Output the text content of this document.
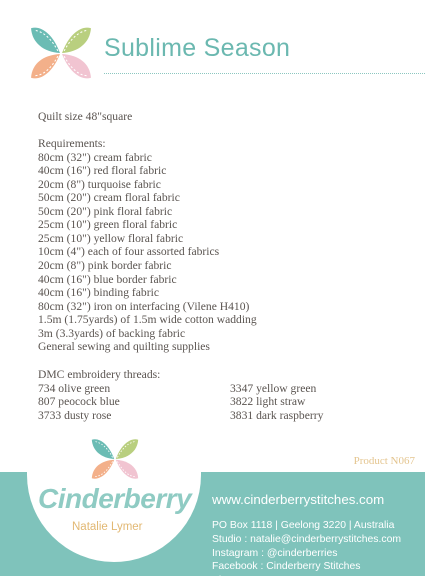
Sublime Season
Quilt size 48"square
Requirements:
80cm (32") cream fabric
40cm (16") red floral fabric
20cm (8") turquoise fabric
50cm (20") cream floral fabric
50cm (20") pink floral fabric
25cm (10") green floral fabric
25cm (10") yellow floral fabric
10cm (4") each of four assorted fabrics
20cm (8") pink border fabric
40cm (16") blue border fabric
40cm (16") binding fabric
80cm (32") iron on interfacing (Vilene H410)
1.5m (1.75yards) of 1.5m wide cotton wadding
3m (3.3yards) of backing fabric
General sewing and quilting supplies
DMC embroidery threads:
734 olive green
807 peocock blue
3733 dusty rose
3347 yellow green
3822 light straw
3831 dark raspberry
Product N067
Cinderberry
Natalie Lymer
www.cinderberrystitches.com
PO Box 1118 | Geelong 3220 | Australia
Studio : natalie@cinderberrystitches.com
Instagram : @cinderberries
Facebook : Cinderberry Stitches
Phone : 0422 863 041
